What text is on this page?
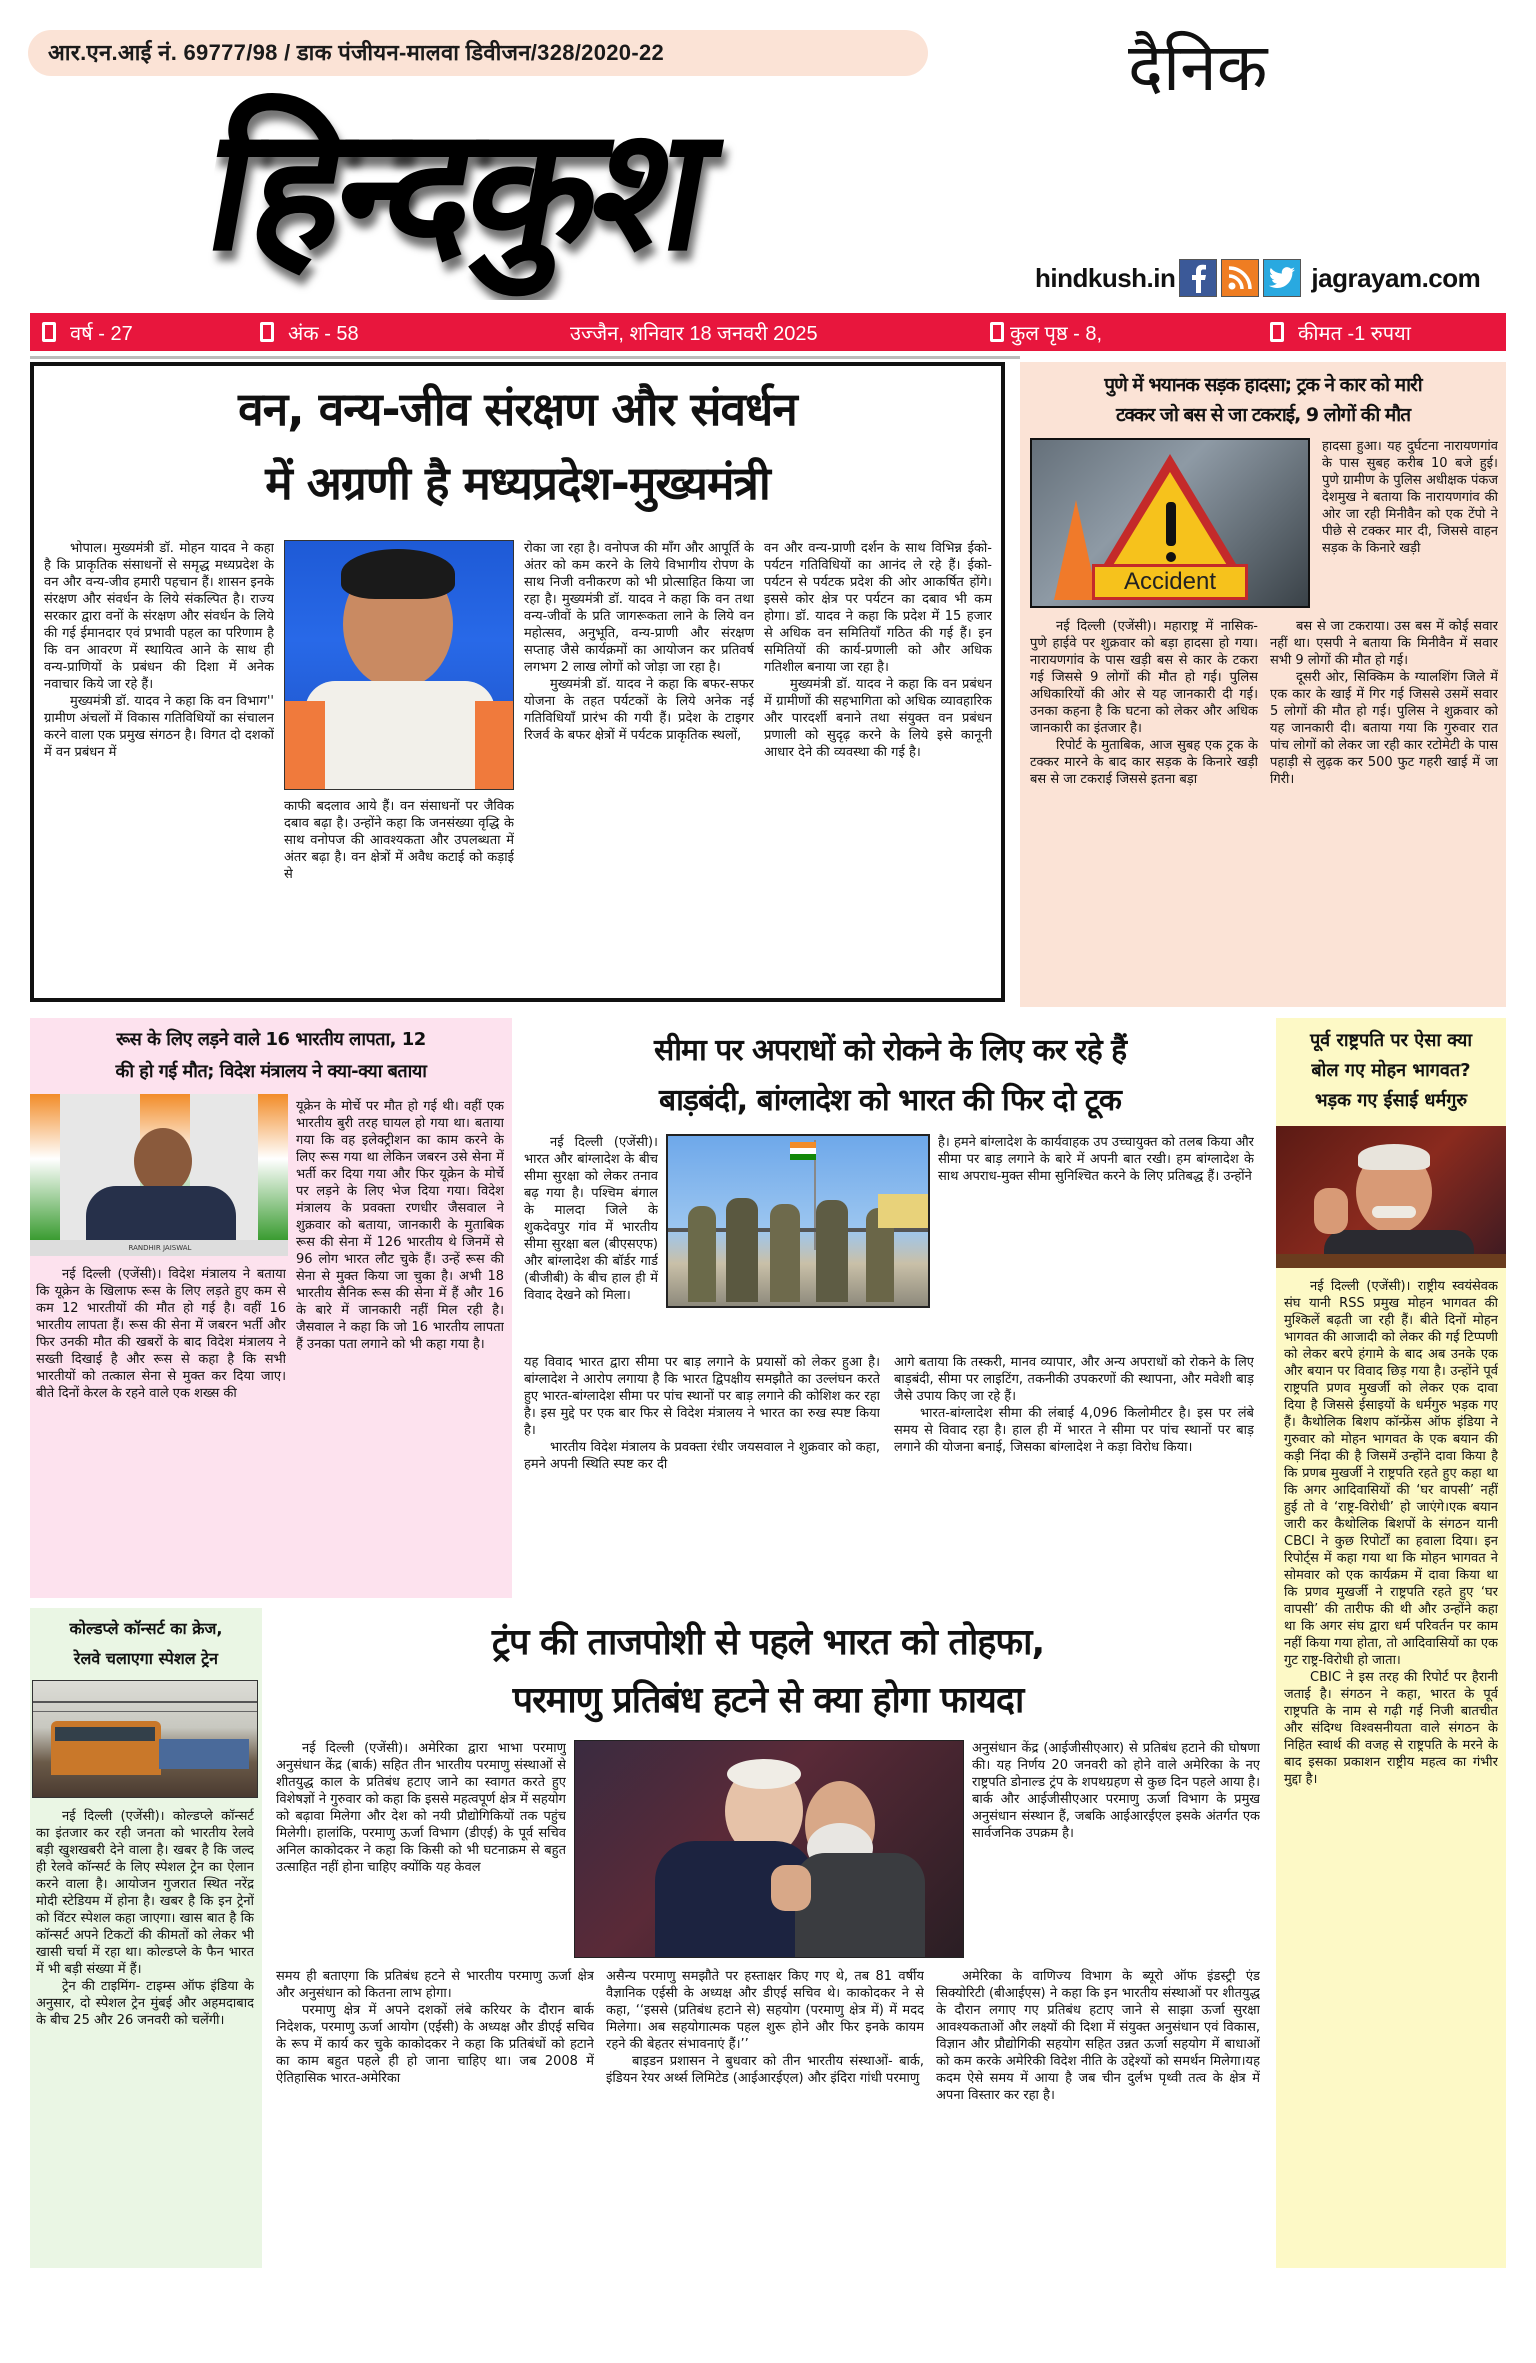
आर.एन.आई नं. 69777/98 / डाक पंजीयन-मालवा डिवीजन/328/2020-22	दैनिक
हिन्दकुश	hindkush.in	jagrayam.com
वर्ष - 27	अंक - 58	उज्जैन, शनिवार 18 जनवरी 2025	कुल पृष्ठ - 8,	कीमत -1 रुपया
वन, वन्य-जीव संरक्षण और संवर्धन
में अग्रणी है मध्यप्रदेश-मुख्यमंत्री

भोपाल। मुख्यमंत्री डॉ. मोहन यादव ने कहा है कि प्राकृतिक संसाधनों से समृद्ध मध्यप्रदेश के वन और वन्य-जीव हमारी पहचान हैं। शासन इनके संरक्षण और संवर्धन के लिये संकल्पित है। राज्य सरकार द्वारा वनों के संरक्षण और संवर्धन के लिये की गई ईमानदार एवं प्रभावी पहल का परिणाम है कि वन आवरण में स्थायित्व आने के साथ ही वन्य-प्राणियों के प्रबंधन की दिशा में अनेक नवाचार किये जा रहे हैं।

मुख्यमंत्री डॉ. यादव ने कहा कि वन विभाग'' ग्रामीण अंचलों में विकास गतिविधियों का संचालन करने वाला एक प्रमुख संगठन है। विगत दो दशकों में वन प्रबंधन में

काफी बदलाव आये हैं। वन संसाधनों पर जैविक दबाव बढ़ा है। उन्होंने कहा कि जनसंख्या वृद्धि के साथ वनोपज की आवश्यकता और उपलब्धता में अंतर बढ़ा है। वन क्षेत्रों में अवैध कटाई को कड़ाई से

रोका जा रहा है। वनोपज की माँग और आपूर्ति के अंतर को कम करने के लिये विभागीय रोपण के साथ निजी वनीकरण को भी प्रोत्साहित किया जा रहा है। मुख्यमंत्री डॉ. यादव ने कहा कि वन तथा वन्य-जीवों के प्रति जागरूकता लाने के लिये वन महोत्सव, अनुभूति, वन्य-प्राणी और संरक्षण सप्ताह जैसे कार्यक्रमों का आयोजन कर प्रतिवर्ष लगभग 2 लाख लोगों को जोड़ा जा रहा है।

मुख्यमंत्री डॉ. यादव ने कहा कि बफर-सफर योजना के तहत पर्यटकों के लिये अनेक नई गतिविधियाँ प्रारंभ की गयी हैं। प्रदेश के टाइगर रिजर्व के बफर क्षेत्रों में पर्यटक प्राकृतिक स्थलों,

वन और वन्य-प्राणी दर्शन के साथ विभिन्न ईको-पर्यटन गतिविधियों का आनंद ले रहे हैं। ईको-पर्यटन से पर्यटक प्रदेश की ओर आकर्षित होंगे। इससे कोर क्षेत्र पर पर्यटन का दबाव भी कम होगा। डॉ. यादव ने कहा कि प्रदेश में 15 हजार से अधिक वन समितियाँ गठित की गई हैं। इन समितियों की कार्य-प्रणाली को और अधिक गतिशील बनाया जा रहा है।

मुख्यमंत्री डॉ. यादव ने कहा कि वन प्रबंधन में ग्रामीणों की सहभागिता को अधिक व्यावहारिक और पारदर्शी बनाने तथा संयुक्त वन प्रबंधन प्रणाली को सुदृढ़ करने के लिये इसे कानूनी आधार देने की व्यवस्था की गई है।

पुणे में भयानक सड़क हादसा; ट्रक ने कार को मारी
टक्कर जो बस से जा टकराई, 9 लोगों की मौत
Accident

हादसा हुआ। यह दुर्घटना नारायणगांव के पास सुबह करीब 10 बजे हुई। पुणे ग्रामीण के पुलिस अधीक्षक पंकज देशमुख ने बताया कि नारायणगांव की ओर जा रही मिनीवैन को एक टेंपो ने पीछे से टक्कर मार दी, जिससे वाहन सड़क के किनारे खड़ी

नई दिल्ली (एजेंसी)। महाराष्ट्र में नासिक-पुणे हाईवे पर शुक्रवार को बड़ा हादसा हो गया। नारायणगांव के पास खड़ी बस से कार के टकरा गई जिससे 9 लोगों की मौत हो गई। पुलिस अधिकारियों की ओर से यह जानकारी दी गई। उनका कहना है कि घटना को लेकर और अधिक जानकारी का इंतजार है।

रिपोर्ट के मुताबिक, आज सुबह एक ट्रक के टक्कर मारने के बाद कार सड़क के किनारे खड़ी बस से जा टकराई जिससे इतना बड़ा

बस से जा टकराया। उस बस में कोई सवार नहीं था। एसपी ने बताया कि मिनीवैन में सवार सभी 9 लोगों की मौत हो गई।

दूसरी ओर, सिक्किम के ग्यालशिंग जिले में एक कार के खाई में गिर गई जिससे उसमें सवार 5 लोगों की मौत हो गई। पुलिस ने शुक्रवार को यह जानकारी दी। बताया गया कि गुरुवार रात पांच लोगों को लेकर जा रही कार रटोमेटी के पास पहाड़ी से लुढ़क कर 500 फुट गहरी खाई में जा गिरी।

रूस के लिए लड़ने वाले 16 भारतीय लापता, 12
की हो गई मौत; विदेश मंत्रालय ने क्या-क्या बताया
RANDHIR JAISWAL

यूक्रेन के मोर्चे पर मौत हो गई थी। वहीं एक भारतीय बुरी तरह घायल हो गया था। बताया गया कि वह इलेक्ट्रीशन का काम करने के लिए रूस गया था लेकिन जबरन उसे सेना में भर्ती कर दिया गया और फिर यूक्रेन के मोर्चे पर लड़ने के लिए भेज दिया गया। विदेश मंत्रालय के प्रवक्ता रणधीर जैसवाल ने शुक्रवार को बताया, जानकारी के मुताबिक रूस की सेना में 126 भारतीय थे जिनमें से 96 लोग भारत लौट चुके हैं। उन्हें रूस की सेना से मुक्त किया जा चुका है। अभी 18 भारतीय सैनिक रूस की सेना में हैं और 16 के बारे में जानकारी नहीं मिल रही है। जैसवाल ने कहा कि जो 16 भारतीय लापता हैं उनका पता लगाने को भी कहा गया है।

नई दिल्ली (एजेंसी)। विदेश मंत्रालय ने बताया कि यूक्रेन के खिलाफ रूस के लिए लड़ते हुए कम से कम 12 भारतीयों की मौत हो गई है। वहीं 16 भारतीय लापता हैं। रूस की सेना में जबरन भर्ती और फिर उनकी मौत की खबरों के बाद विदेश मंत्रालय ने सख्ती दिखाई है और रूस से कहा है कि सभी भारतीयों को तत्काल सेना से मुक्त कर दिया जाए। बीते दिनों केरल के रहने वाले एक शख्स की

सीमा पर अपराधों को रोकने के लिए कर रहे हैं
बाड़बंदी, बांग्लादेश को भारत की फिर दो टूक

नई दिल्ली (एजेंसी)। भारत और बांग्लादेश के बीच सीमा सुरक्षा को लेकर तनाव बढ़ गया है। पश्चिम बंगाल के मालदा जिले के शुकदेवपुर गांव में भारतीय सीमा सुरक्षा बल (बीएसएफ) और बांग्लादेश की बॉर्डर गार्ड (बीजीबी) के बीच हाल ही में विवाद देखने को मिला।

है। हमने बांग्लादेश के कार्यवाहक उप उच्चायुक्त को तलब किया और सीमा पर बाड़ लगाने के बारे में अपनी बात रखी। हम बांग्लादेश के साथ अपराध-मुक्त सीमा सुनिश्चित करने के लिए प्रतिबद्ध हैं। उन्होंने

यह विवाद भारत द्वारा सीमा पर बाड़ लगाने के प्रयासों को लेकर हुआ है। बांग्लादेश ने आरोप लगाया है कि भारत द्विपक्षीय समझौते का उल्लंघन करते हुए भारत-बांग्लादेश सीमा पर पांच स्थानों पर बाड़ लगाने की कोशिश कर रहा है। इस मुद्दे पर एक बार फिर से विदेश मंत्रालय ने भारत का रुख स्पष्ट किया है।

भारतीय विदेश मंत्रालय के प्रवक्ता रंधीर जयसवाल ने शुक्रवार को कहा, हमने अपनी स्थिति स्पष्ट कर दी

आगे बताया कि तस्करी, मानव व्यापार, और अन्य अपराधों को रोकने के लिए बाड़बंदी, सीमा पर लाइटिंग, तकनीकी उपकरणों की स्थापना, और मवेशी बाड़ जैसे उपाय किए जा रहे हैं।

भारत-बांग्लादेश सीमा की लंबाई 4,096 किलोमीटर है। इस पर लंबे समय से विवाद रहा है। हाल ही में भारत ने सीमा पर पांच स्थानों पर बाड़ लगाने की योजना बनाई, जिसका बांग्लादेश ने कड़ा विरोध किया।

पूर्व राष्ट्रपति पर ऐसा क्या
बोल गए मोहन भागवत?
भड़क गए ईसाई धर्मगुरु

नई दिल्ली (एजेंसी)। राष्ट्रीय स्वयंसेवक संघ यानी RSS प्रमुख मोहन भागवत की मुश्किलें बढ़ती जा रही हैं। बीते दिनों मोहन भागवत की आजादी को लेकर की गई टिप्पणी को लेकर बरपे हंगामे के बाद अब उनके एक और बयान पर विवाद छिड़ गया है। उन्होंने पूर्व राष्ट्रपति प्रणव मुखर्जी को लेकर एक दावा दिया है जिससे ईसाइयों के धर्मगुरु भड़क गए हैं। कैथोलिक बिशप कॉन्फ्रेंस ऑफ इंडिया ने गुरुवार को मोहन भागवत के एक बयान की कड़ी निंदा की है जिसमें उन्होंने दावा किया है कि प्रणब मुखर्जी ने राष्ट्रपति रहते हुए कहा था कि अगर आदिवासियों की ‘घर वापसी’ नहीं हुई तो वे ‘राष्ट्र-विरोधी’ हो जाएंगे।एक बयान जारी कर कैथोलिक बिशपों के संगठन यानी CBCI ने कुछ रिपोर्टों का हवाला दिया। इन रिपोर्ट्स में कहा गया था कि मोहन भागवत ने सोमवार को एक कार्यक्रम में दावा किया था कि प्रणव मुखर्जी ने राष्ट्रपति रहते हुए ‘घर वापसी’ की तारीफ की थी और उन्होंने कहा था कि अगर संघ द्वारा धर्म परिवर्तन पर काम नहीं किया गया होता, तो आदिवासियों का एक गुट राष्ट्र-विरोधी हो जाता।

CBIC ने इस तरह की रिपोर्ट पर हैरानी जताई है। संगठन ने कहा, भारत के पूर्व राष्ट्रपति के नाम से गढ़ी गई निजी बातचीत और संदिग्ध विश्वसनीयता वाले संगठन के निहित स्वार्थ की वजह से राष्ट्रपति के मरने के बाद इसका प्रकाशन राष्ट्रीय महत्व का गंभीर मुद्दा है।

कोल्डप्ले कॉन्सर्ट का क्रेज,
रेलवे चलाएगा स्पेशल ट्रेन

नई दिल्ली (एजेंसी)। कोल्डप्ले कॉन्सर्ट का इंतजार कर रही जनता को भारतीय रेलवे बड़ी खुशखबरी देने वाला है। खबर है कि जल्द ही रेलवे कॉन्सर्ट के लिए स्पेशल ट्रेन का ऐलान करने वाला है। आयोजन गुजरात स्थित नरेंद्र मोदी स्टेडियम में होना है। खबर है कि इन ट्रेनों को विंटर स्पेशल कहा जाएगा। खास बात है कि कॉन्सर्ट अपने टिकटों की कीमतों को लेकर भी खासी चर्चा में रहा था। कोल्डप्ले के फैन भारत में भी बड़ी संख्या में हैं।

ट्रेन की टाइमिंग- टाइम्स ऑफ इंडिया के अनुसार, दो स्पेशल ट्रेन मुंबई और अहमदाबाद के बीच 25 और 26 जनवरी को चलेंगी।

ट्रंप की ताजपोशी से पहले भारत को तोहफा,
परमाणु प्रतिबंध हटने से क्या होगा फायदा

नई दिल्ली (एजेंसी)। अमेरिका द्वारा भाभा परमाणु अनुसंधान केंद्र (बार्क) सहित तीन भारतीय परमाणु संस्थाओं से शीतयुद्ध काल के प्रतिबंध हटाए जाने का स्वागत करते हुए विशेषज्ञों ने गुरुवार को कहा कि इससे महत्वपूर्ण क्षेत्र में सहयोग को बढ़ावा मिलेगा और देश को नयी प्रौद्योगिकियों तक पहुंच मिलेगी। हालांकि, परमाणु ऊर्जा विभाग (डीएई) के पूर्व सचिव अनिल काकोदकर ने कहा कि किसी को भी घटनाक्रम से बहुत उत्साहित नहीं होना चाहिए क्योंकि यह केवल

अनुसंधान केंद्र (आईजीसीएआर) से प्रतिबंध हटाने की घोषणा की। यह निर्णय 20 जनवरी को होने वाले अमेरिका के नए राष्ट्रपति डोनाल्ड ट्रंप के शपथग्रहण से कुछ दिन पहले आया है। बार्क और आईजीसीएआर परमाणु ऊर्जा विभाग के प्रमुख अनुसंधान संस्थान हैं, जबकि आईआरईएल इसके अंतर्गत एक सार्वजनिक उपक्रम है।

समय ही बताएगा कि प्रतिबंध हटने से भारतीय परमाणु ऊर्जा क्षेत्र और अनुसंधान को कितना लाभ होगा।

परमाणु क्षेत्र में अपने दशकों लंबे करियर के दौरान बार्क निदेशक, परमाणु ऊर्जा आयोग (एईसी) के अध्यक्ष और डीएई सचिव के रूप में कार्य कर चुके काकोदकर ने कहा कि प्रतिबंधों को हटाने का काम बहुत पहले ही हो जाना चाहिए था। जब 2008 में ऐतिहासिक भारत-अमेरिका

असैन्य परमाणु समझौते पर हस्ताक्षर किए गए थे, तब 81 वर्षीय वैज्ञानिक एईसी के अध्यक्ष और डीएई सचिव थे। काकोदकर ने से कहा, ‘‘इससे (प्रतिबंध हटाने से) सहयोग (परमाणु क्षेत्र में) में मदद मिलेगा। अब सहयोगात्मक पहल शुरू होने और फिर इनके कायम रहने की बेहतर संभावनाएं हैं।’’

बाइडन प्रशासन ने बुधवार को तीन भारतीय संस्थाओं- बार्क, इंडियन रेयर अर्थ्स लिमिटेड (आईआरईएल) और इंदिरा गांधी परमाणु

अमेरिका के वाणिज्य विभाग के ब्यूरो ऑफ इंडस्ट्री एंड सिक्योरिटी (बीआईएस) ने कहा कि इन भारतीय संस्थाओं पर शीतयुद्ध के दौरान लगाए गए प्रतिबंध हटाए जाने से साझा ऊर्जा सुरक्षा आवश्यकताओं और लक्ष्यों की दिशा में संयुक्त अनुसंधान एवं विकास, विज्ञान और प्रौद्योगिकी सहयोग सहित उन्नत ऊर्जा सहयोग में बाधाओं को कम करके अमेरिकी विदेश नीति के उद्देश्यों को समर्थन मिलेगा।यह कदम ऐसे समय में आया है जब चीन दुर्लभ पृथ्वी तत्व के क्षेत्र में अपना विस्तार कर रहा है।
